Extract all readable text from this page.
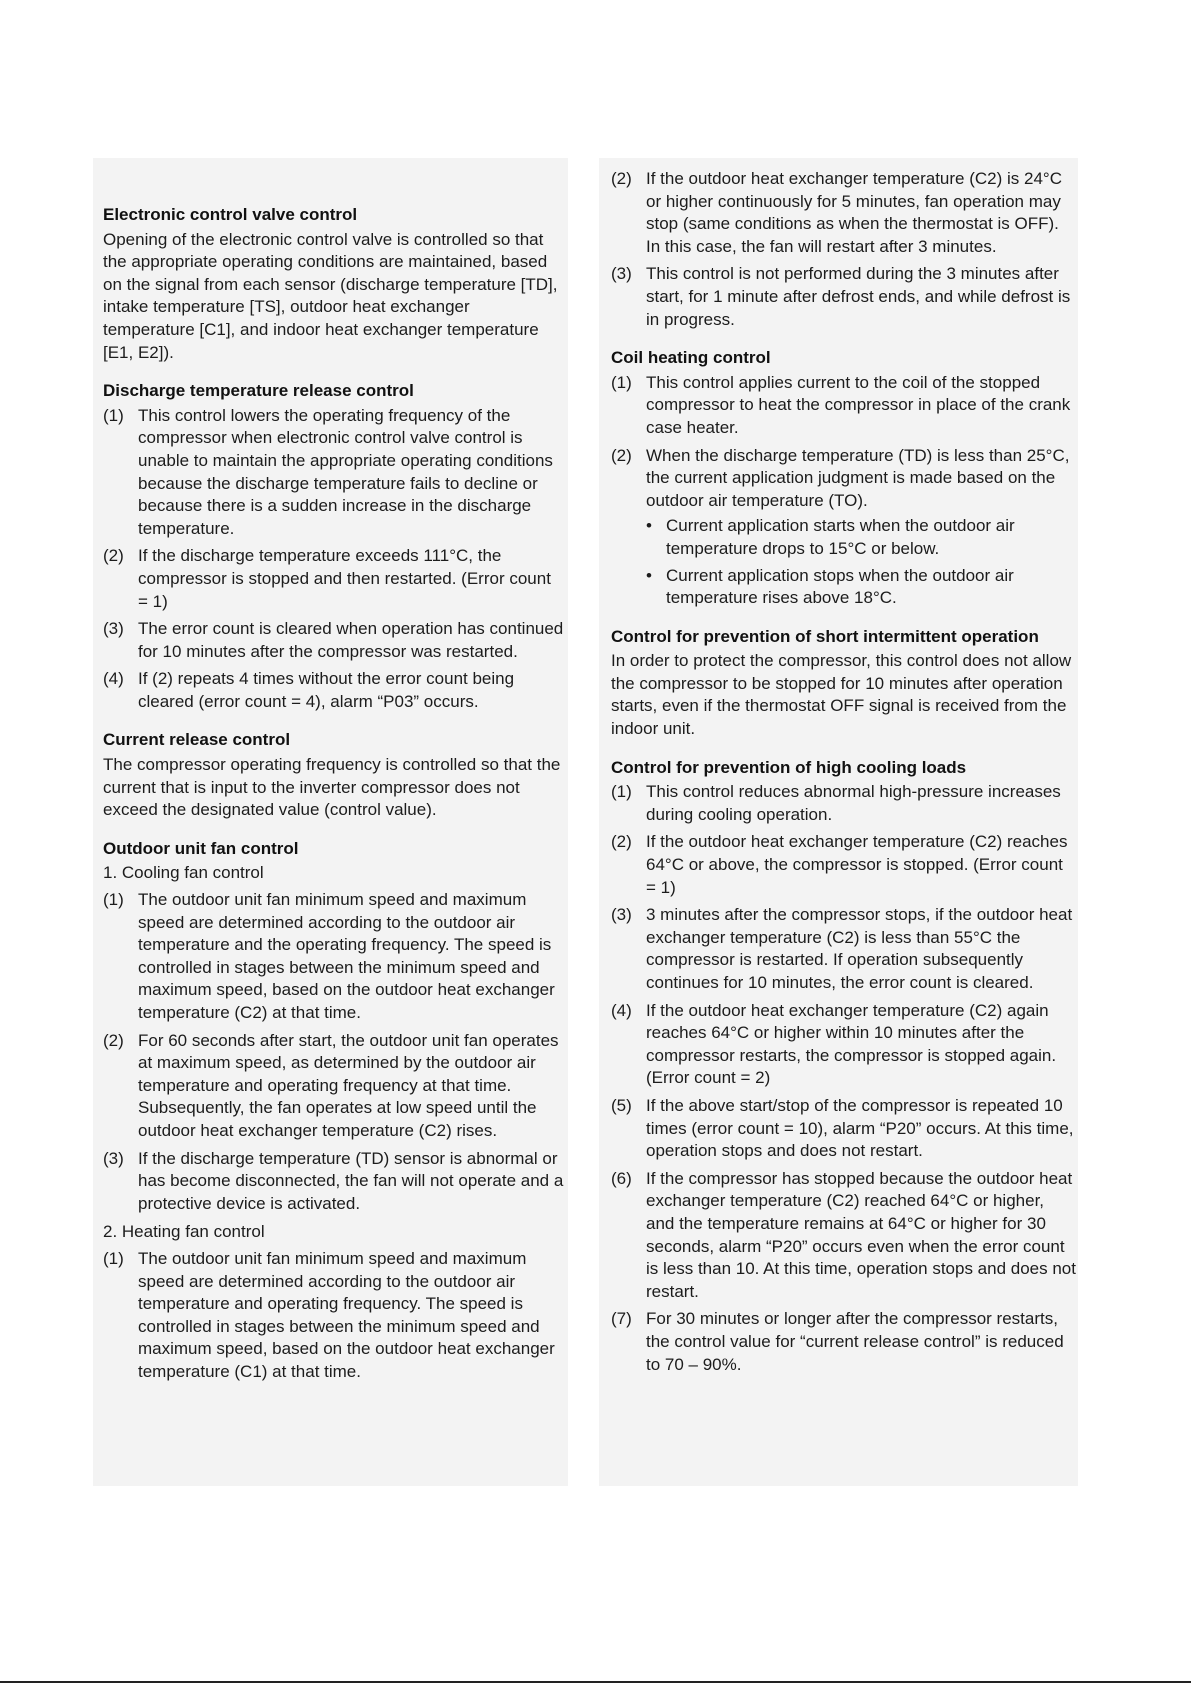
Electronic control valve control

Opening of the electronic control valve is controlled so that the appropriate operating conditions are maintained, based on the signal from each sensor (discharge temperature [TD], intake temperature [TS], outdoor heat exchanger temperature [C1], and indoor heat exchanger temperature [E1, E2]).

Discharge temperature release control
(1) This control lowers the operating frequency of the compressor when electronic control valve control is unable to maintain the appropriate operating conditions because the discharge temperature fails to decline or because there is a sudden increase in the discharge temperature.
(2) If the discharge temperature exceeds 111°C, the compressor is stopped and then restarted. (Error count = 1)
(3) The error count is cleared when operation has continued for 10 minutes after the compressor was restarted.
(4) If (2) repeats 4 times without the error count being cleared (error count = 4), alarm “P03” occurs.
Current release control

The compressor operating frequency is controlled so that the current that is input to the inverter compressor does not exceed the designated value (control value).

Outdoor unit fan control

1. Cooling fan control

(1) The outdoor unit fan minimum speed and maximum speed are determined according to the outdoor air temperature and the operating frequency. The speed is controlled in stages between the minimum speed and maximum speed, based on the outdoor heat exchanger temperature (C2) at that time.
(2) For 60 seconds after start, the outdoor unit fan operates at maximum speed, as determined by the outdoor air temperature and operating frequency at that time.
Subsequently, the fan operates at low speed until the outdoor heat exchanger temperature (C2) rises.
(3) If the discharge temperature (TD) sensor is abnormal or has become disconnected, the fan will not operate and a protective device is activated.

2. Heating fan control

(1) The outdoor unit fan minimum speed and maximum speed are determined according to the outdoor air temperature and operating frequency. The speed is controlled in stages between the minimum speed and maximum speed, based on the outdoor heat exchanger temperature (C1) at that time.
(2) If the outdoor heat exchanger temperature (C2) is 24°C or higher continuously for 5 minutes, fan operation may stop (same conditions as when the thermostat is OFF). In this case, the fan will restart after 3 minutes.
(3) This control is not performed during the 3 minutes after start, for 1 minute after defrost ends, and while defrost is in progress.
Coil heating control
(1) This control applies current to the coil of the stopped compressor to heat the compressor in place of the crank case heater.
(2) When the discharge temperature (TD) is less than 25°C, the current application judgment is made based on the outdoor air temperature (TO).
• Current application starts when the outdoor air temperature drops to 15°C or below.
• Current application stops when the outdoor air temperature rises above 18°C.
Control for prevention of short intermittent operation

In order to protect the compressor, this control does not allow the compressor to be stopped for 10 minutes after operation starts, even if the thermostat OFF signal is received from the indoor unit.

Control for prevention of high cooling loads
(1) This control reduces abnormal high-pressure increases during cooling operation.
(2) If the outdoor heat exchanger temperature (C2) reaches 64°C or above, the compressor is stopped. (Error count = 1)
(3) 3 minutes after the compressor stops, if the outdoor heat exchanger temperature (C2) is less than 55°C the compressor is restarted. If operation subsequently continues for 10 minutes, the error count is cleared.
(4) If the outdoor heat exchanger temperature (C2) again reaches 64°C or higher within 10 minutes after the compressor restarts, the compressor is stopped again. (Error count = 2)
(5) If the above start/stop of the compressor is repeated 10 times (error count = 10), alarm “P20” occurs. At this time, operation stops and does not restart.
(6) If the compressor has stopped because the outdoor heat exchanger temperature (C2) reached 64°C or higher, and the temperature remains at 64°C or higher for 30 seconds, alarm “P20” occurs even when the error count is less than 10. At this time, operation stops and does not restart.
(7) For 30 minutes or longer after the compressor restarts, the control value for “current release control” is reduced to 70 – 90%.
